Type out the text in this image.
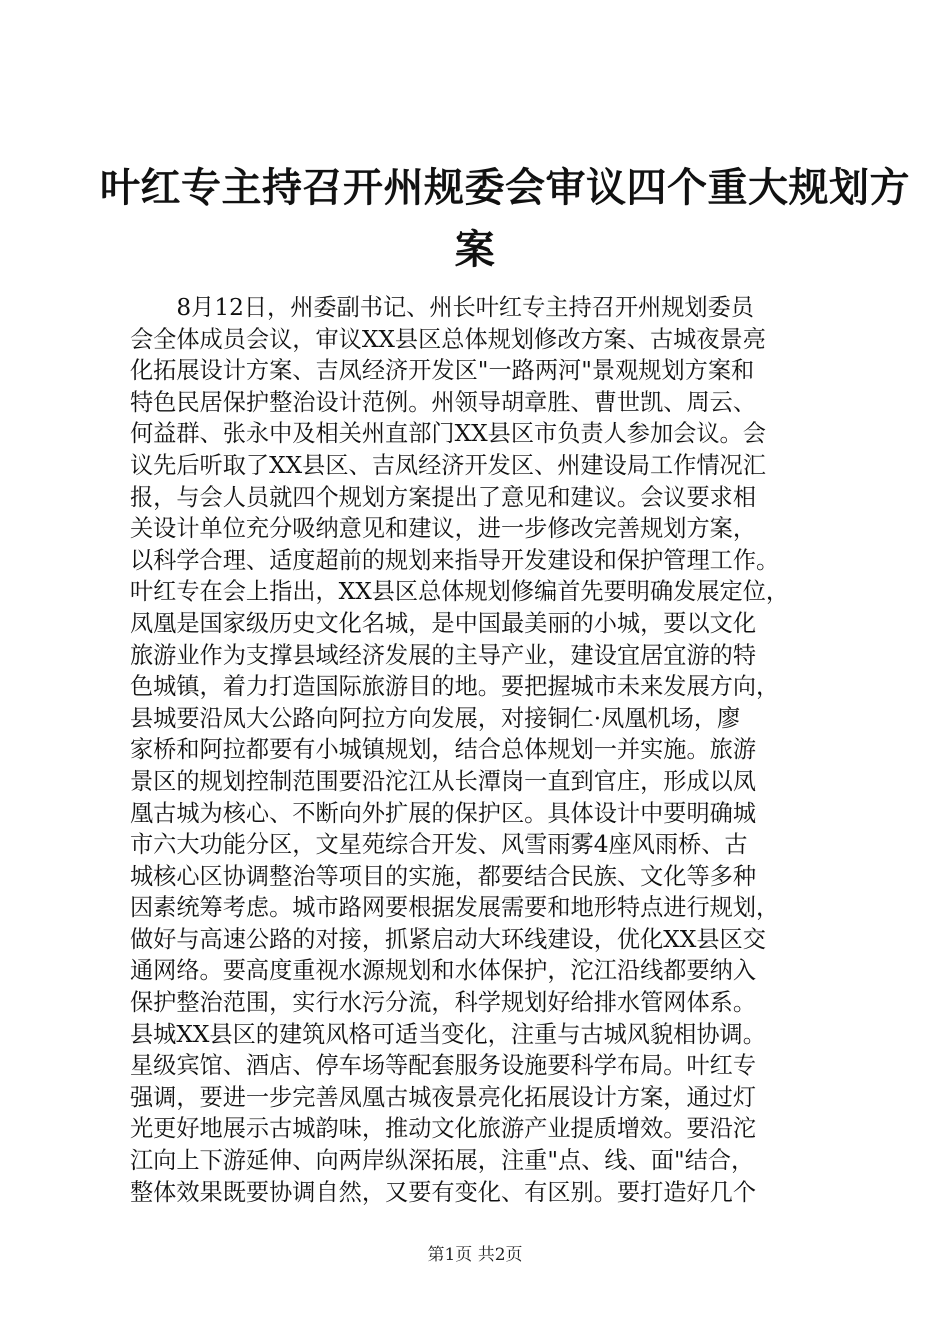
叶红专主持召开州规委会审议四个重大规划方
案
　　8月12日，州委副书记、州长叶红专主持召开州规划委员
会全体成员会议，审议XX县区总体规划修改方案、古城夜景亮
化拓展设计方案、吉凤经济开发区"一路两河"景观规划方案和
特色民居保护整治设计范例。州领导胡章胜、曹世凯、周云、
何益群、张永中及相关州直部门XX县区市负责人参加会议。会
议先后听取了XX县区、吉凤经济开发区、州建设局工作情况汇
报，与会人员就四个规划方案提出了意见和建议。会议要求相
关设计单位充分吸纳意见和建议，进一步修改完善规划方案，
以科学合理、适度超前的规划来指导开发建设和保护管理工作。
叶红专在会上指出，XX县区总体规划修编首先要明确发展定位，
凤凰是国家级历史文化名城，是中国最美丽的小城，要以文化
旅游业作为支撑县域经济发展的主导产业，建设宜居宜游的特
色城镇，着力打造国际旅游目的地。要把握城市未来发展方向，
县城要沿凤大公路向阿拉方向发展，对接铜仁·凤凰机场，廖
家桥和阿拉都要有小城镇规划，结合总体规划一并实施。旅游
景区的规划控制范围要沿沱江从长潭岗一直到官庄，形成以凤
凰古城为核心、不断向外扩展的保护区。具体设计中要明确城
市六大功能分区，文星苑综合开发、风雪雨雾4座风雨桥、古
城核心区协调整治等项目的实施，都要结合民族、文化等多种
因素统筹考虑。城市路网要根据发展需要和地形特点进行规划，
做好与高速公路的对接，抓紧启动大环线建设，优化XX县区交
通网络。要高度重视水源规划和水体保护，沱江沿线都要纳入
保护整治范围，实行水污分流，科学规划好给排水管网体系。
县城XX县区的建筑风格可适当变化，注重与古城风貌相协调。
星级宾馆、酒店、停车场等配套服务设施要科学布局。叶红专
强调，要进一步完善凤凰古城夜景亮化拓展设计方案，通过灯
光更好地展示古城韵味，推动文化旅游产业提质增效。要沿沱
江向上下游延伸、向两岸纵深拓展，注重"点、线、面"结合，
整体效果既要协调自然，又要有变化、有区别。要打造好几个
第1页 共2页
